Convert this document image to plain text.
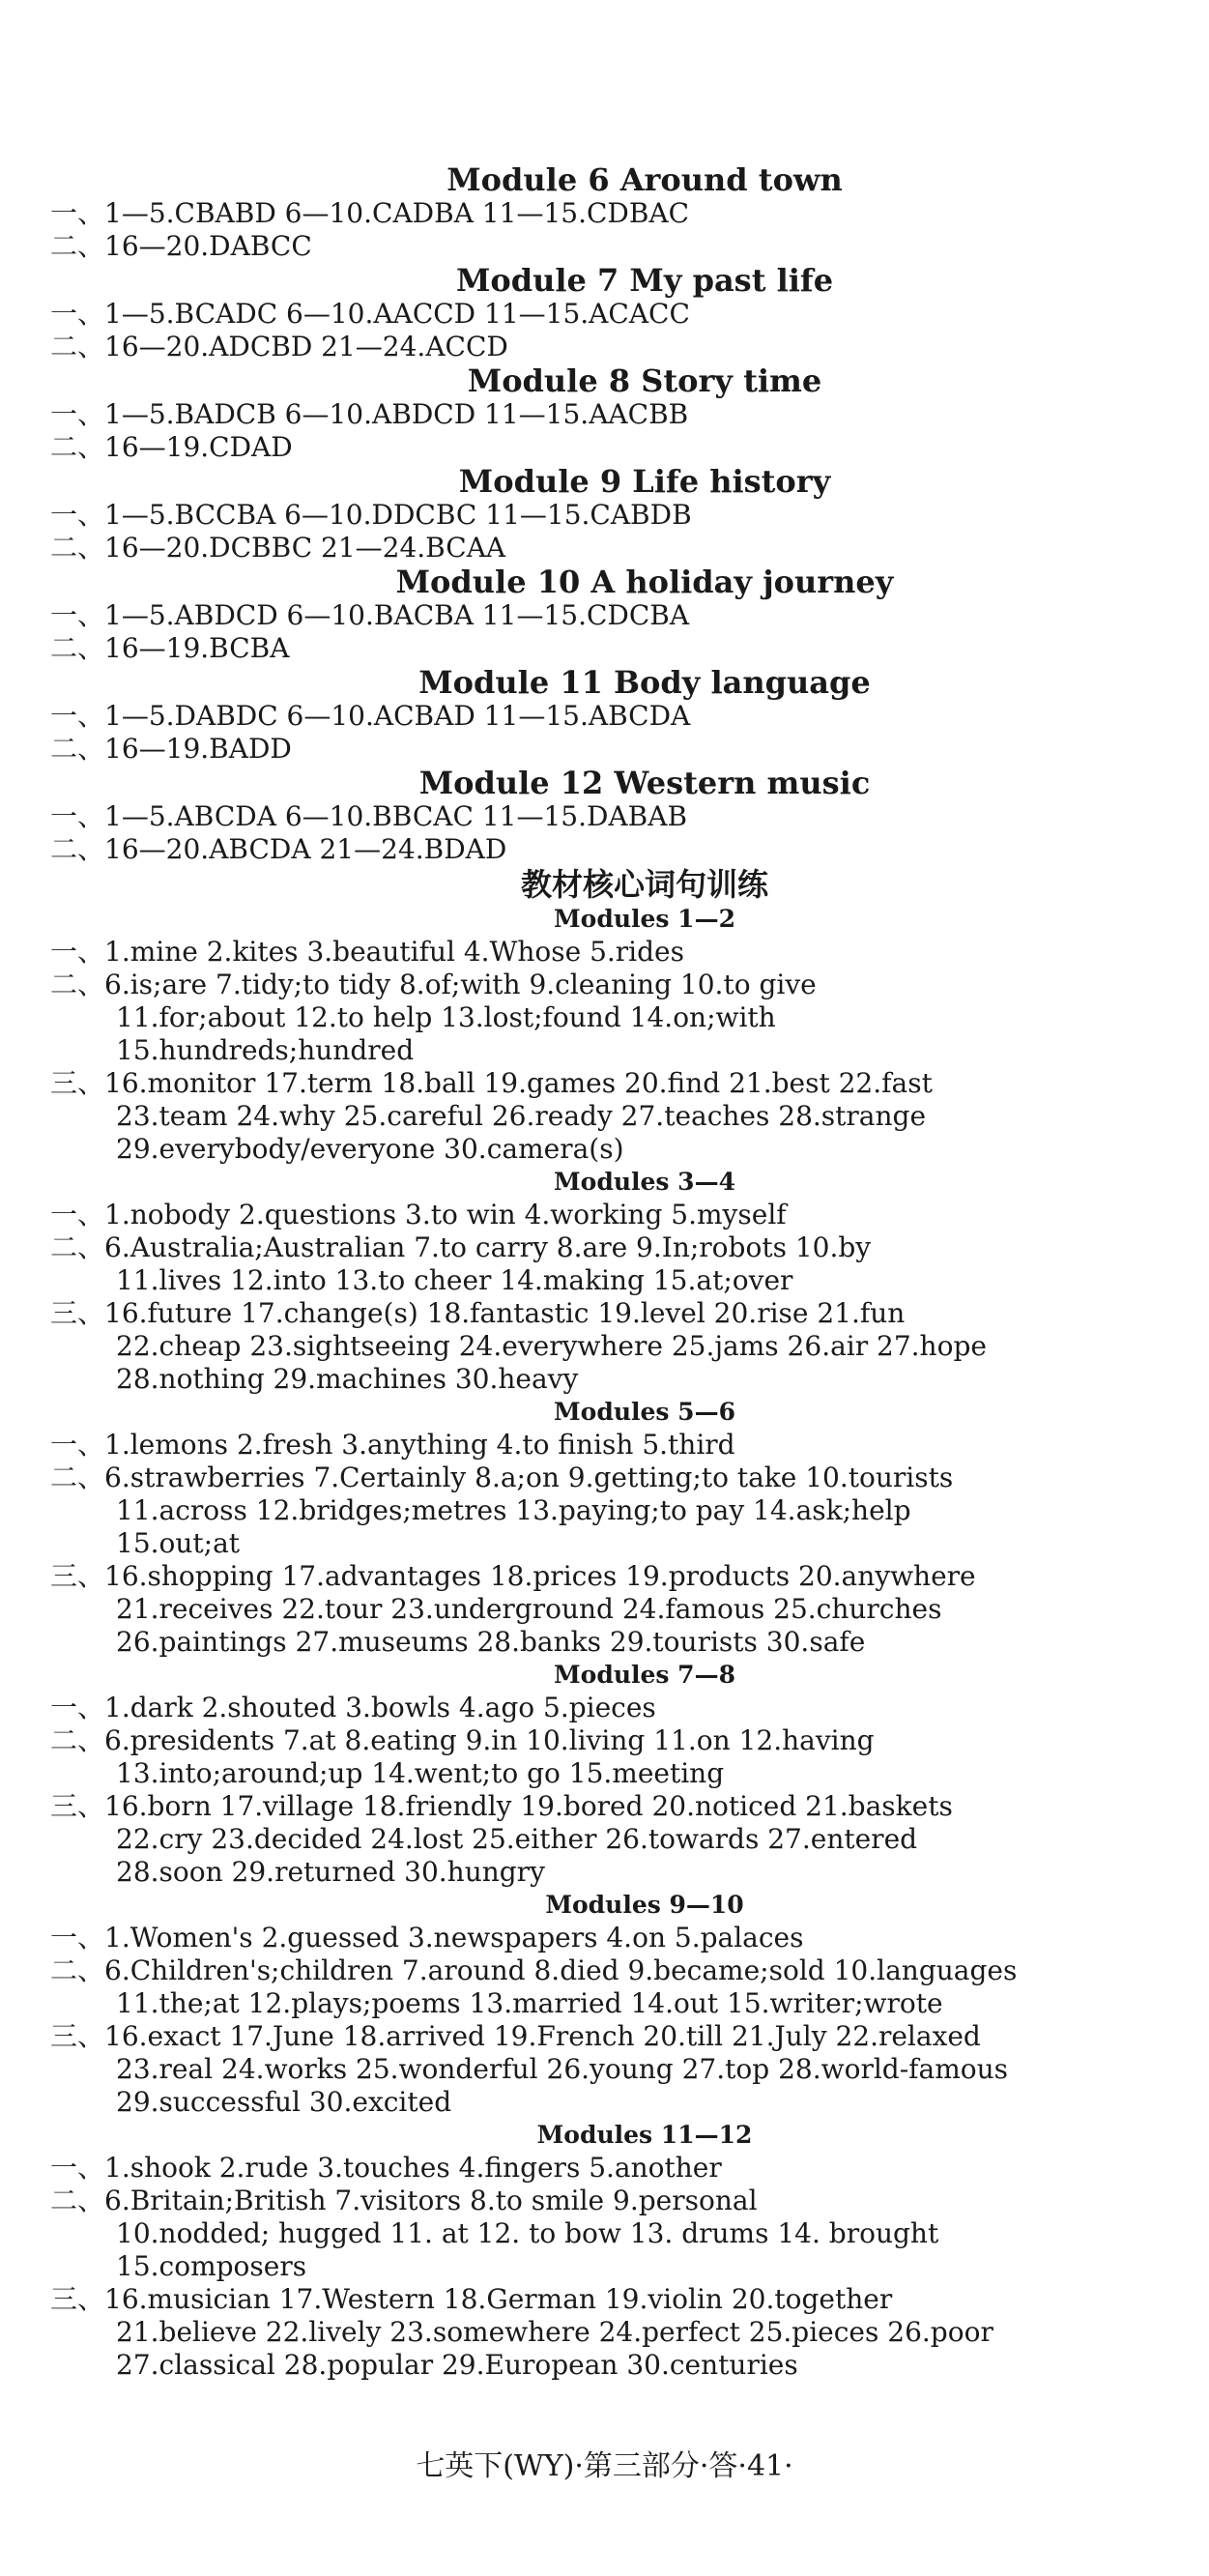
Module 6 Around town
一、1—5.CBABD 6—10.CADBA 11—15.CDBAC
二、16—20.DABCC
Module 7 My past life
一、1—5.BCADC 6—10.AACCD 11—15.ACACC
二、16—20.ADCBD 21—24.ACCD
Module 8 Story time
一、1—5.BADCB 6—10.ABDCD 11—15.AACBB
二、16—19.CDAD
Module 9 Life history
一、1—5.BCCBA 6—10.DDCBC 11—15.CABDB
二、16—20.DCBBC 21—24.BCAA
Module 10 A holiday journey
一、1—5.ABDCD 6—10.BACBA 11—15.CDCBA
二、16—19.BCBA
Module 11 Body language
一、1—5.DABDC 6—10.ACBAD 11—15.ABCDA
二、16—19.BADD
Module 12 Western music
一、1—5.ABCDA 6—10.BBCAC 11—15.DABAB
二、16—20.ABCDA 21—24.BDAD
教材核心词句训练
Modules 1—2
一、1.mine 2.kites 3.beautiful 4.Whose 5.rides
二、6.is;are 7.tidy;to tidy 8.of;with 9.cleaning 10.to give
11.for;about 12.to help 13.lost;found 14.on;with
15.hundreds;hundred
三、16.monitor 17.term 18.ball 19.games 20.find 21.best 22.fast
23.team 24.why 25.careful 26.ready 27.teaches 28.strange
29.everybody/everyone 30.camera(s)
Modules 3—4
一、1.nobody 2.questions 3.to win 4.working 5.myself
二、6.Australia;Australian 7.to carry 8.are 9.In;robots 10.by
11.lives 12.into 13.to cheer 14.making 15.at;over
三、16.future 17.change(s) 18.fantastic 19.level 20.rise 21.fun
22.cheap 23.sightseeing 24.everywhere 25.jams 26.air 27.hope
28.nothing 29.machines 30.heavy
Modules 5—6
一、1.lemons 2.fresh 3.anything 4.to finish 5.third
二、6.strawberries 7.Certainly 8.a;on 9.getting;to take 10.tourists
11.across 12.bridges;metres 13.paying;to pay 14.ask;help
15.out;at
三、16.shopping 17.advantages 18.prices 19.products 20.anywhere
21.receives 22.tour 23.underground 24.famous 25.churches
26.paintings 27.museums 28.banks 29.tourists 30.safe
Modules 7—8
一、1.dark 2.shouted 3.bowls 4.ago 5.pieces
二、6.presidents 7.at 8.eating 9.in 10.living 11.on 12.having
13.into;around;up 14.went;to go 15.meeting
三、16.born 17.village 18.friendly 19.bored 20.noticed 21.baskets
22.cry 23.decided 24.lost 25.either 26.towards 27.entered
28.soon 29.returned 30.hungry
Modules 9—10
一、1.Women's 2.guessed 3.newspapers 4.on 5.palaces
二、6.Children's;children 7.around 8.died 9.became;sold 10.languages
11.the;at 12.plays;poems 13.married 14.out 15.writer;wrote
三、16.exact 17.June 18.arrived 19.French 20.till 21.July 22.relaxed
23.real 24.works 25.wonderful 26.young 27.top 28.world-famous
29.successful 30.excited
Modules 11—12
一、1.shook 2.rude 3.touches 4.fingers 5.another
二、6.Britain;British 7.visitors 8.to smile 9.personal
10.nodded; hugged 11. at 12. to bow 13. drums 14. brought
15.composers
三、16.musician 17.Western 18.German 19.violin 20.together
21.believe 22.lively 23.somewhere 24.perfect 25.pieces 26.poor
27.classical 28.popular 29.European 30.centuries
七英下(WY)·第三部分·答·41·
